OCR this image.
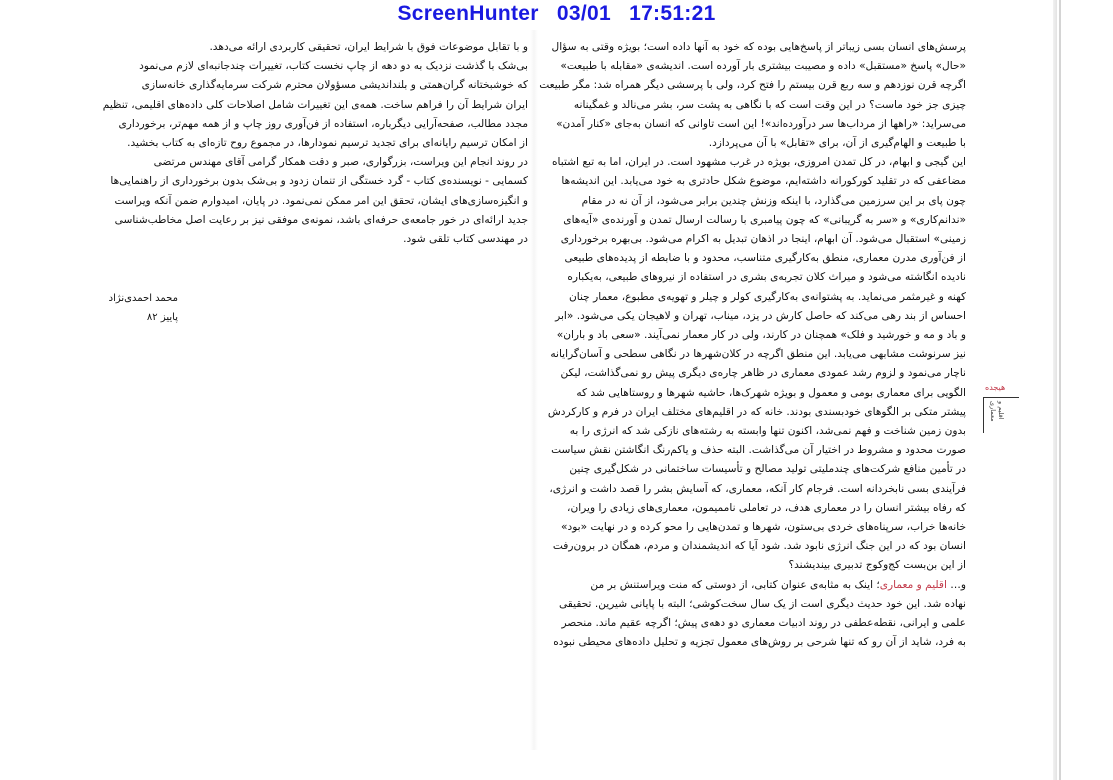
ScreenHunter 03/01 17:51:21
و با تقابل موضوعات فوق با شرایط ایران، تحقیقی کاربردی ارائه می‌دهد.
بی‌شک با گذشت نزدیک به دو دهه از چاپ نخست کتاب، تغییرات چندجانبه‌ای لازم می‌نمود
که خوشبختانه گران‌همتی و بلنداندیشی مسؤولان محترم شرکت سرمایه‌گذاری خانه‌سازی
ایران شرایط آن را فراهم ساخت. همه‌ی این تغییرات شامل اصلاحات کلی داده‌های اقلیمی، تنظیم
مجدد مطالب، صفحه‌آرایی دیگرباره، استفاده از فن‌آوری روز چاپ و از همه مهم‌تر، برخورداری
از امکان ترسیم رایانه‌ای برای تجدید ترسیم نمودارها، در مجموع روح تازه‌ای به کتاب بخشید.
در روند انجام این ویراست، بزرگواری، صبر و دقت همکار گرامی آقای مهندس مرتضی
کسمایی - نویسنده‌ی کتاب - گرد خستگی از تنمان زدود و بی‌شک بدون برخورداری از راهنمایی‌ها
و انگیزه‌سازی‌های ایشان، تحقق این امر ممکن نمی‌نمود. در پایان، امیدوارم ضمن آنکه ویراست
جدید ارائه‌ای در خور جامعه‌ی حرفه‌ای باشد، نمونه‌ی موفقی نیز بر رعایت اصل مخاطب‌شناسی
در مهندسی کتاب تلقی شود.
پرسش‌های انسان بسی زیباتر از پاسخ‌هایی بوده که خود به آنها داده است؛ بویژه وقتی به سؤال
«حال» پاسخ «مستقبل» داده و مصیبت بیشتری بار آورده است. اندیشه‌ی «مقابله با طبیعت»
اگرچه قرن نوزدهم و سه ربع قرن بیستم را فتح کرد، ولی با پرسشی دیگر همراه شد: مگر طبیعت
چیزی جز خود ماست؟ در این وقت است که با نگاهی به پشت سر، بشر می‌نالد و غمگینانه
می‌سراید: «راهها از مرداب‌ها سر درآورده‌اند»! این است تاوانی که انسان به‌جای «کنار آمدن»
با طبیعت و الهام‌گیری از آن، برای «تقابل» با آن می‌پردازد.
این گیجی و ابهام، در کل تمدن امروزی، بویژه در غرب مشهود است. در ایران، اما به تبع اشتباه
مضاعفی که در تقلید کورکورانه داشته‌ایم، موضوع شکل حادتری به خود می‌یابد. این اندیشه‌ها
چون پای بر این سرزمین می‌گذارد، با اینکه وزنش چندین برابر می‌شود، از آن نه در مقام
«ندانم‌کاری» و «سر به گریبانی» که چون پیامبری با رسالت ارسال تمدن و آورنده‌ی «آیه‌های
زمینی» استقبال می‌شود. آن ابهام، اینجا در اذهان تبدیل به اکرام می‌شود. بی‌بهره برخورداری
از فن‌آوری مدرن معماری، منطق به‌کارگیری متناسب، محدود و با ضابطه از پدیده‌های طبیعی
نادیده انگاشته می‌شود و میراث کلان تجربه‌ی بشری در استفاده از نیروهای طبیعی، به‌یکباره
کهنه و غیرمثمر می‌نماید. به پشتوانه‌ی به‌کارگیری کولر و چیلر و تهویه‌ی مطبوع، معمار چنان
احساس از بند رهی می‌کند که حاصل کارش در یزد، میناب، تهران و لاهیجان یکی می‌شود. «ابر
و باد و مه و خورشید و فلک» همچنان در کارند، ولی در کار معمار نمی‌آیند. «سعی باد و باران»
نیز سرنوشت مشابهی می‌یابد. این منطق اگرچه در کلان‌شهرها در نگاهی سطحی و آسان‌گرایانه
ناچار می‌نمود و لزوم رشد عمودی معماری در ظاهر چاره‌ی دیگری پیش رو نمی‌گذاشت، لیکن
الگویی برای معماری بومی و معمول و بویژه شهرک‌ها، حاشیه شهرها و روستاهایی شد که
پیشتر متکی بر الگوهای خودبسندی بودند. خانه که در اقلیم‌های مختلف ایران در فرم و کارکردش
بدون زمین شناخت و فهم نمی‌شد، اکنون تنها وابسته به رشته‌های نازکی شد که انرژی را به
صورت محدود و مشروط در اختیار آن می‌گذاشت. البته حذف و یاکم‌رنگ انگاشتن نقش سیاست
در تأمین منافع شرکت‌های چندملیتی تولید مصالح و تأسیسات ساختمانی در شکل‌گیری چنین
فرآیندی بسی نابخردانه است. فرجام کار آنکه، معماری، که آسایش بشر را قصد داشت و انرژی،
که رفاه بیشتر انسان را در معماری هدف، در تعاملی ناممیمون، معماری‌های زیادی را ویران،
خانه‌ها خراب، سرپناه‌های خردی بی‌ستون، شهرها و تمدن‌هایی را محو کرده و در نهایت «بود»
انسان بود که در این جنگ انرژی نابود شد. شود آیا که اندیشمندان و مردم، همگان در برون‌رفت
از این بن‌بست کج‌وکوج تدبیری بیندیشند؟
و… اقلیم و معماری؛ اینک به مثابه‌ی عنوان کتابی، از دوستی که منت ویراستنش بر من
نهاده شد. این خود حدیث دیگری است از یک سال سخت‌کوشی؛ البته با پایانی شیرین. تحقیقی
علمی و ایرانی، نقطه‌عطفی در روند ادبیات معماری دو دهه‌ی پیش؛ اگرچه عقیم ماند. منحصر
به فرد، شاید از آن رو که تنها شرحی بر روش‌های معمول تجزیه و تحلیل داده‌های محیطی نبوده
محمد احمدی‌نژاد
پاییز ۸۲
هیجده
اقلیم و معماری
